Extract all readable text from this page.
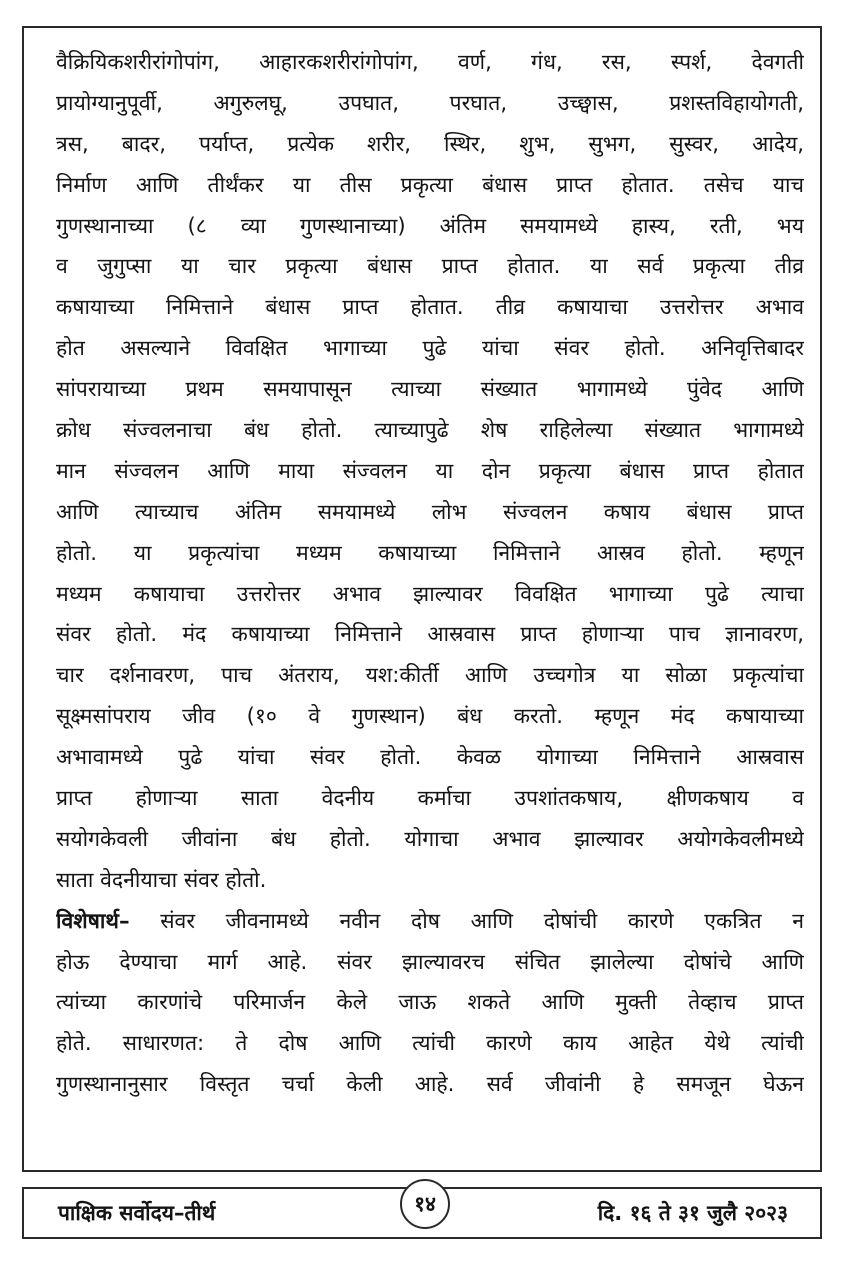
वैक्रियिकशरीरांगोपांग, आहारकशरीरांगोपांग, वर्ण, गंध, रस, स्पर्श, देवगती
प्रायोग्यानुपूर्वी, अगुरुलघू, उपघात, परघात, उच्छ्वास, प्रशस्तविहायोगती,
त्रस, बादर, पर्याप्त, प्रत्येक शरीर, स्थिर, शुभ, सुभग, सुस्वर, आदेय,
निर्माण आणि तीर्थंकर या तीस प्रकृत्या बंधास प्राप्त होतात. तसेच याच
गुणस्थानाच्या (८ व्या गुणस्थानाच्या) अंतिम समयामध्ये हास्य, रती, भय
व जुगुप्सा या चार प्रकृत्या बंधास प्राप्त होतात. या सर्व प्रकृत्या तीव्र
कषायाच्या निमित्ताने बंधास प्राप्त होतात. तीव्र कषायाचा उत्तरोत्तर अभाव
होत असल्याने विवक्षित भागाच्या पुढे यांचा संवर होतो. अनिवृत्तिबादर
सांपरायाच्या प्रथम समयापासून त्याच्या संख्यात भागामध्ये पुंवेद आणि
क्रोध संज्वलनाचा बंध होतो. त्याच्यापुढे शेष राहिलेल्या संख्यात भागामध्ये
मान संज्वलन आणि माया संज्वलन या दोन प्रकृत्या बंधास प्राप्त होतात
आणि त्याच्याच अंतिम समयामध्ये लोभ संज्वलन कषाय बंधास प्राप्त
होतो. या प्रकृत्यांचा मध्यम कषायाच्या निमित्ताने आस्रव होतो. म्हणून
मध्यम कषायाचा उत्तरोत्तर अभाव झाल्यावर विवक्षित भागाच्या पुढे त्याचा
संवर होतो. मंद कषायाच्या निमित्ताने आस्रवास प्राप्त होणाऱ्या पाच ज्ञानावरण,
चार दर्शनावरण, पाच अंतराय, यश:कीर्ती आणि उच्चगोत्र या सोळा प्रकृत्यांचा
सूक्ष्मसांपराय जीव (१० वे गुणस्थान) बंध करतो. म्हणून मंद कषायाच्या
अभावामध्ये पुढे यांचा संवर होतो. केवळ योगाच्या निमित्ताने आस्रवास
प्राप्त होणाऱ्या साता वेदनीय कर्माचा उपशांतकषाय, क्षीणकषाय व
सयोगकेवली जीवांना बंध होतो. योगाचा अभाव झाल्यावर अयोगकेवलीमध्ये
साता वेदनीयाचा संवर होतो.
विशेषार्थ– संवर जीवनामध्ये नवीन दोष आणि दोषांची कारणे एकत्रित न
होऊ देण्याचा मार्ग आहे. संवर झाल्यावरच संचित झालेल्या दोषांचे आणि
त्यांच्या कारणांचे परिमार्जन केले जाऊ शकते आणि मुक्ती तेव्हाच प्राप्त
होते. साधारणत: ते दोष आणि त्यांची कारणे काय आहेत येथे त्यांची
गुणस्थानानुसार विस्तृत चर्चा केली आहे. सर्व जीवांनी हे समजून घेऊन
पाक्षिक सर्वोदय–तीर्थ	१४	दि. १६ ते ३१ जुलै २०२३
